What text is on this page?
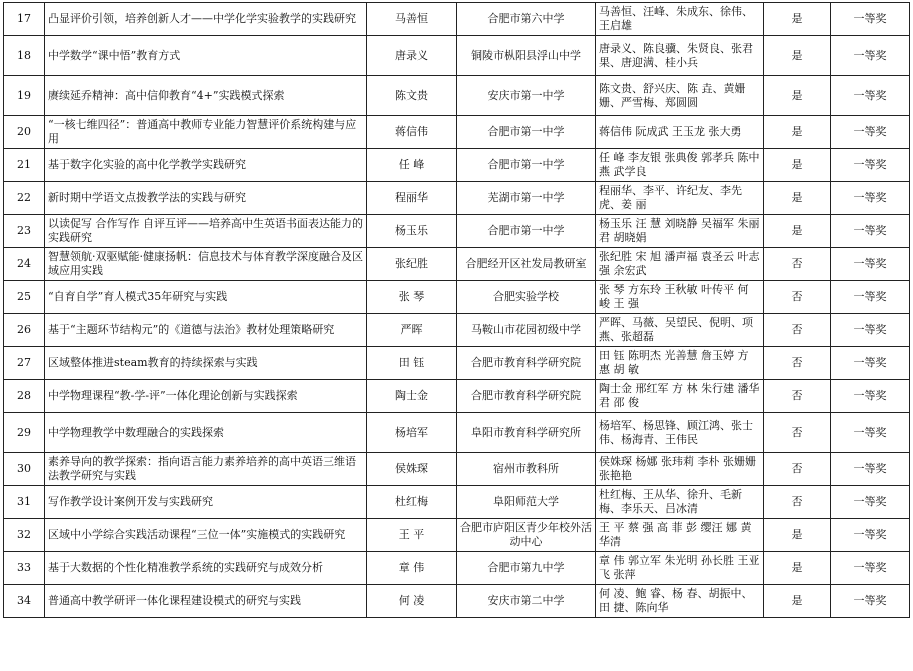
17	凸显评价引领，培养创新人才——中学化学实验教学的实践研究	马善恒	合肥市第六中学	马善恒、汪峰、朱成东、徐伟、王启雄	是	一等奖
18	中学数学“课中悟”教育方式	唐录义	铜陵市枞阳县浮山中学	唐录义、陈良骥、朱贤良、张君果、唐迎满、桂小兵	是	一等奖
19	赓续延乔精神：高中信仰教育“4+”实践模式探索	陈文贵	安庆市第一中学	陈文贵、舒兴庆、陈 垚、黄姗姗、严雪梅、郑圆圆	是	一等奖
20	“一核七维四径”：普通高中教师专业能力智慧评价系统构建与应用	蒋信伟	合肥市第一中学	蒋信伟 阮成武 王玉龙 张大勇	是	一等奖
21	基于数字化实验的高中化学教学实践研究	任 峰	合肥市第一中学	任 峰 李友银 张典俊 郭孝兵 陈中燕 武学良	是	一等奖
22	新时期中学语文点拨教学法的实践与研究	程丽华	芜湖市第一中学	程丽华、李平、许纪友、李先虎、姜 丽	是	一等奖
23	以读促写 合作写作 自评互评——培养高中生英语书面表达能力的实践研究	杨玉乐	合肥市第一中学	杨玉乐 汪 慧 刘晓静 吴福军 朱丽君 胡晓娟	是	一等奖
24	智慧领航·双驱赋能·健康扬帆：信息技术与体育教学深度融合及区域应用实践	张纪胜	合肥经开区社发局教研室	张纪胜 宋 旭 潘声福 袁圣云 叶志强 余宏武	否	一等奖
25	“自育自学”育人模式35年研究与实践	张 琴	合肥实验学校	张 琴 方东玲 王秋敏 叶传平 何 峻 王 强	否	一等奖
26	基于“主题环节结构元”的《道德与法治》教材处理策略研究	严晖	马鞍山市花园初级中学	严晖、马薇、吴望民、倪明、项燕、张超磊	否	一等奖
27	区域整体推进steam教育的持续探索与实践	田 钰	合肥市教育科学研究院	田 钰 陈明杰 光善慧 詹玉婷 方 惠 胡 敏	否	一等奖
28	中学物理课程“教-学-评”一体化理论创新与实践探索	陶士金	合肥市教育科学研究院	陶士金 邢红军 方 林 朱行建 潘华君 邵 俊	否	一等奖
29	中学物理教学中数理融合的实践探索	杨培军	阜阳市教育科学研究所	杨培军、杨思锋、顾江鸿、张士伟、杨海青、王伟民	否	一等奖
30	素养导向的教学探索：指向语言能力素养培养的高中英语三维语法教学研究与实践	侯姝琛	宿州市教科所	侯姝琛 杨娜 张玮莉 李朴 张姗姗 张艳艳	否	一等奖
31	写作教学设计案例开发与实践研究	杜红梅	阜阳师范大学	杜红梅、王从华、徐升、毛新梅、李乐天、吕冰清	否	一等奖
32	区域中小学综合实践活动课程“三位一体”实施模式的实践研究	王 平	合肥市庐阳区青少年校外活动中心	王 平 蔡 强 高 菲 彭 缨汪 娜 黄华清	是	一等奖
33	基于大数据的个性化精准教学系统的实践研究与成效分析	章 伟	合肥市第九中学	章 伟 郭立军 朱光明 孙长胜 王亚飞 张萍	是	一等奖
34	普通高中教学研评一体化课程建设模式的研究与实践	何 凌	安庆市第二中学	何 凌、鲍 睿、杨 春、胡振中、田 捷、陈向华	是	一等奖
